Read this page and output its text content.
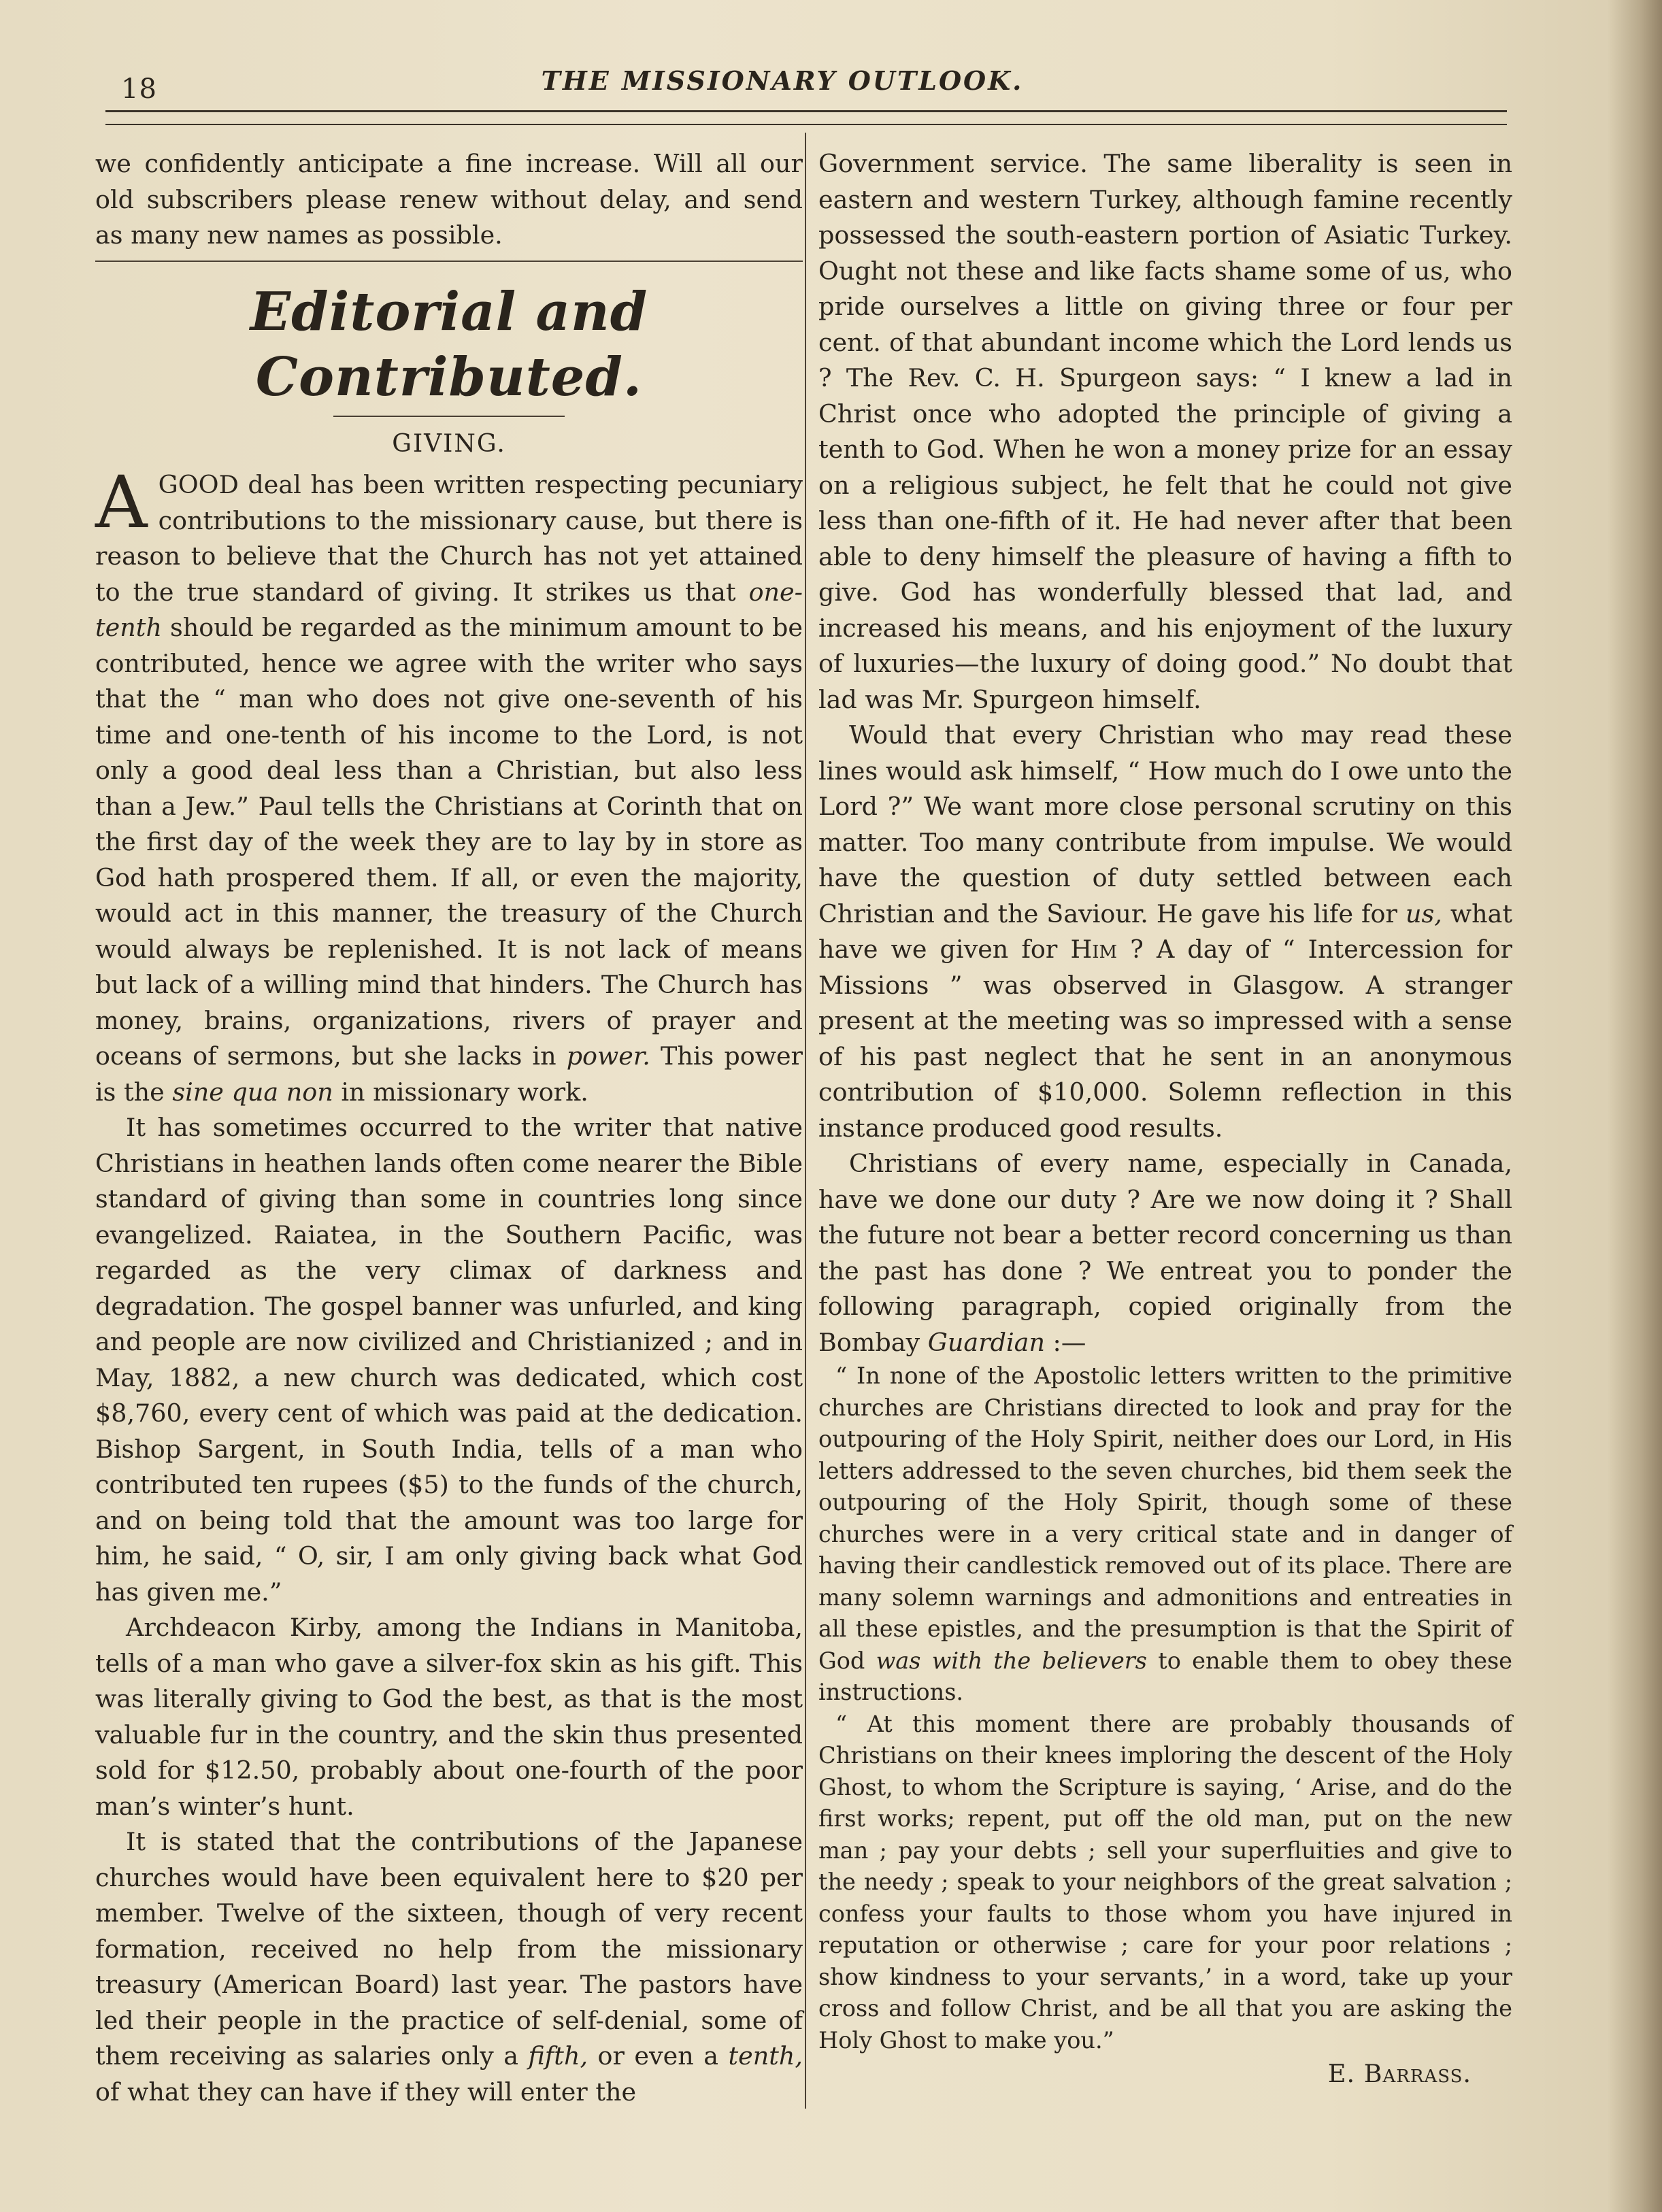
18	THE MISSIONARY OUTLOOK.

we confidently anticipate a fine increase. Will all our old subscribers please renew without delay, and send as many new names as possible.

Editorial and Contributed.
GIVING.

AGOOD deal has been written respecting pecuniary contributions to the missionary cause, but there is reason to believe that the Church has not yet attained to the true standard of giving. It strikes us that one-tenth should be regarded as the minimum amount to be contributed, hence we agree with the writer who says that the “ man who does not give one-seventh of his time and one-tenth of his income to the Lord, is not only a good deal less than a Christian, but also less than a Jew.” Paul tells the Christians at Corinth that on the first day of the week they are to lay by in store as God hath prospered them. If all, or even the majority, would act in this manner, the treasury of the Church would always be replenished. It is not lack of means but lack of a willing mind that hinders. The Church has money, brains, organizations, rivers of prayer and oceans of sermons, but she lacks in power. This power is the sine qua non in missionary work.

It has sometimes occurred to the writer that native Christians in heathen lands often come nearer the Bible standard of giving than some in countries long since evangelized. Raiatea, in the Southern Pacific, was regarded as the very climax of darkness and degradation. The gospel banner was unfurled, and king and people are now civilized and Christianized ; and in May, 1882, a new church was dedicated, which cost $8,760, every cent of which was paid at the dedication. Bishop Sargent, in South India, tells of a man who contributed ten rupees ($5) to the funds of the church, and on being told that the amount was too large for him, he said, “ O, sir, I am only giving back what God has given me.”

Archdeacon Kirby, among the Indians in Manitoba, tells of a man who gave a silver-fox skin as his gift. This was literally giving to God the best, as that is the most valuable fur in the country, and the skin thus presented sold for $12.50, probably about one-fourth of the poor man’s winter’s hunt.

It is stated that the contributions of the Japanese churches would have been equivalent here to $20 per member. Twelve of the sixteen, though of very recent formation, received no help from the missionary treasury (American Board) last year. The pastors have led their people in the practice of self-denial, some of them receiving as salaries only a fifth, or even a tenth, of what they can have if they will enter the

Government service. The same liberality is seen in eastern and western Turkey, although famine recently possessed the south-eastern portion of Asiatic Turkey. Ought not these and like facts shame some of us, who pride ourselves a little on giving three or four per cent. of that abundant income which the Lord lends us ? The Rev. C. H. Spurgeon says: “ I knew a lad in Christ once who adopted the principle of giving a tenth to God. When he won a money prize for an essay on a religious subject, he felt that he could not give less than one-fifth of it. He had never after that been able to deny himself the pleasure of having a fifth to give. God has wonderfully blessed that lad, and increased his means, and his enjoyment of the luxury of luxuries—the luxury of doing good.” No doubt that lad was Mr. Spurgeon himself.

Would that every Christian who may read these lines would ask himself, “ How much do I owe unto the Lord ?” We want more close personal scrutiny on this matter. Too many contribute from impulse. We would have the question of duty settled between each Christian and the Saviour. He gave his life for us, what have we given for Him ? A day of “ Intercession for Missions ” was observed in Glasgow. A stranger present at the meeting was so impressed with a sense of his past neglect that he sent in an anonymous contribution of $10,000. Solemn reflection in this instance produced good results.

Christians of every name, especially in Canada, have we done our duty ? Are we now doing it ? Shall the future not bear a better record concerning us than the past has done ? We entreat you to ponder the following paragraph, copied originally from the Bombay Guardian :—

“ In none of the Apostolic letters written to the primitive churches are Christians directed to look and pray for the outpouring of the Holy Spirit, neither does our Lord, in His letters addressed to the seven churches, bid them seek the outpouring of the Holy Spirit, though some of these churches were in a very critical state and in danger of having their candlestick removed out of its place. There are many solemn warnings and admonitions and entreaties in all these epistles, and the presumption is that the Spirit of God was with the believers to enable them to obey these instructions.

“ At this moment there are probably thousands of Christians on their knees imploring the descent of the Holy Ghost, to whom the Scripture is saying, ‘ Arise, and do the first works; repent, put off the old man, put on the new man ; pay your debts ; sell your superfluities and give to the needy ; speak to your neighbors of the great salvation ; confess your faults to those whom you have injured in reputation or otherwise ; care for your poor relations ; show kindness to your servants,’ in a word, take up your cross and follow Christ, and be all that you are asking the Holy Ghost to make you.”

E. Barrass.
